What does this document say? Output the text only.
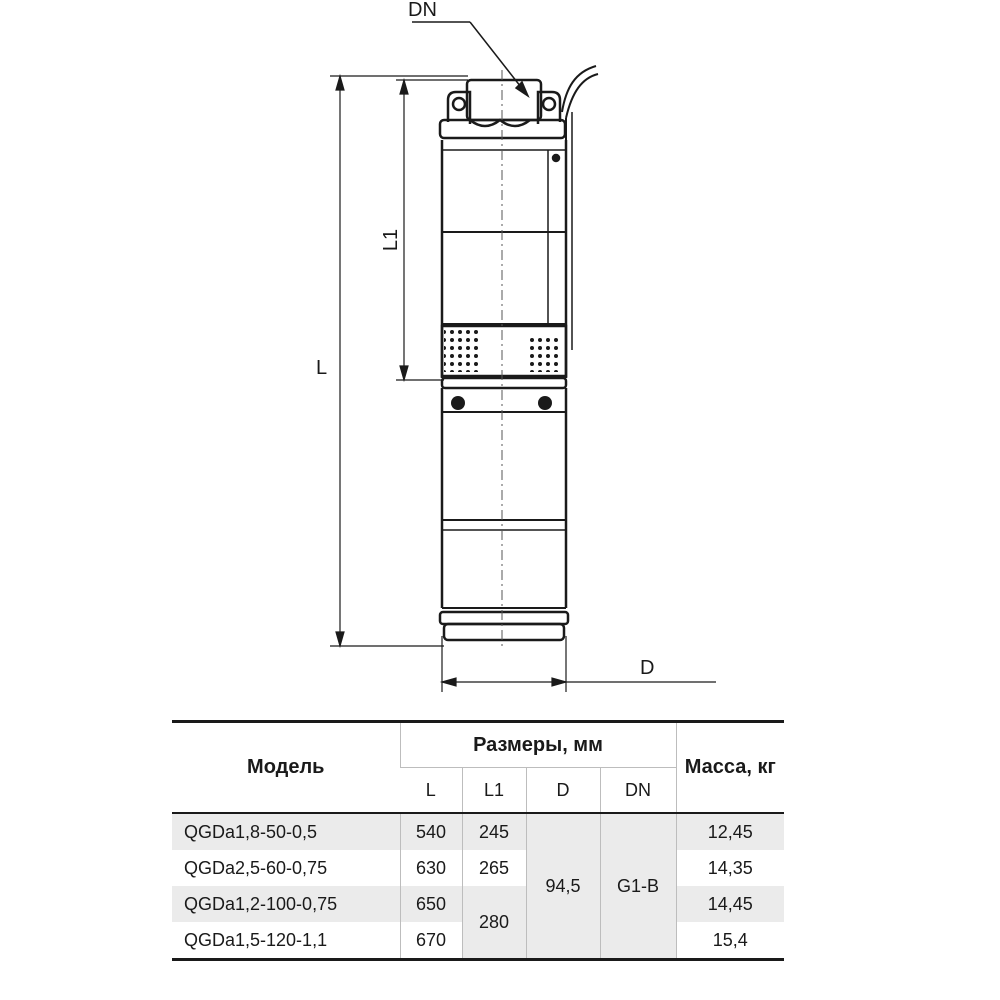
DN
L
L1
D
Модель	Размеры, мм				Масса, кг
	L	L1	D	DN	
QGDa1,8-50-0,5	540	245	94,5	G1-B	12,45
QGDa2,5-60-0,75	630	265			14,35
QGDa1,2-100-0,75	650	280			14,45
QGDa1,5-120-1,1	670				15,4
